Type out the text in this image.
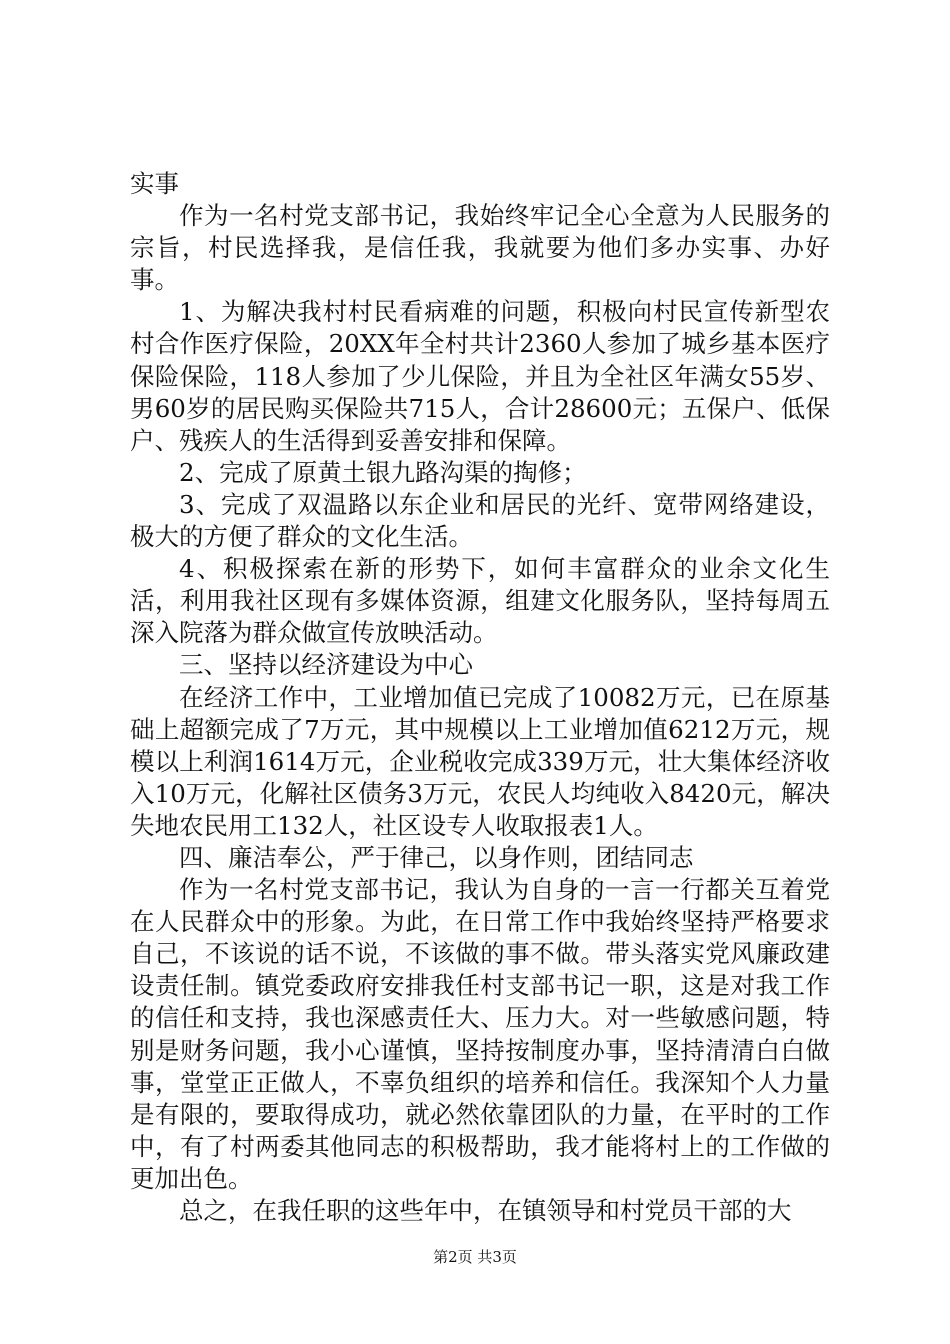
实事

作为一名村党支部书记，我始终牢记全心全意为人民服务的宗旨，村民选择我，是信任我，我就要为他们多办实事、办好事。

1、为解决我村村民看病难的问题，积极向村民宣传新型农村合作医疗保险，20XX年全村共计2360人参加了城乡基本医疗保险保险，118人参加了少儿保险，并且为全社区年满女55岁、男60岁的居民购买保险共715人，合计28600元；五保户、低保户、残疾人的生活得到妥善安排和保障。

2、完成了原黄土银九路沟渠的掏修；

3、完成了双温路以东企业和居民的光纤、宽带网络建设，极大的方便了群众的文化生活。

4、积极探索在新的形势下，如何丰富群众的业余文化生活，利用我社区现有多媒体资源，组建文化服务队，坚持每周五深入院落为群众做宣传放映活动。

三、坚持以经济建设为中心

在经济工作中，工业增加值已完成了10082万元，已在原基础上超额完成了7万元，其中规模以上工业增加值6212万元，规模以上利润1614万元，企业税收完成339万元，壮大集体经济收入10万元，化解社区债务3万元，农民人均纯收入8420元，解决失地农民用工132人，社区设专人收取报表1人。

四、廉洁奉公，严于律己，以身作则，团结同志

作为一名村党支部书记，我认为自身的一言一行都关互着党在人民群众中的形象。为此，在日常工作中我始终坚持严格要求自己，不该说的话不说，不该做的事不做。带头落实党风廉政建设责任制。镇党委政府安排我任村支部书记一职，这是对我工作的信任和支持，我也深感责任大、压力大。对一些敏感问题，特别是财务问题，我小心谨慎，坚持按制度办事，坚持清清白白做事，堂堂正正做人，不辜负组织的培养和信任。我深知个人力量是有限的，要取得成功，就必然依靠团队的力量，在平时的工作中，有了村两委其他同志的积极帮助，我才能将村上的工作做的更加出色。

总之，在我任职的这些年中，在镇领导和村党员干部的大

第2页 共3页
